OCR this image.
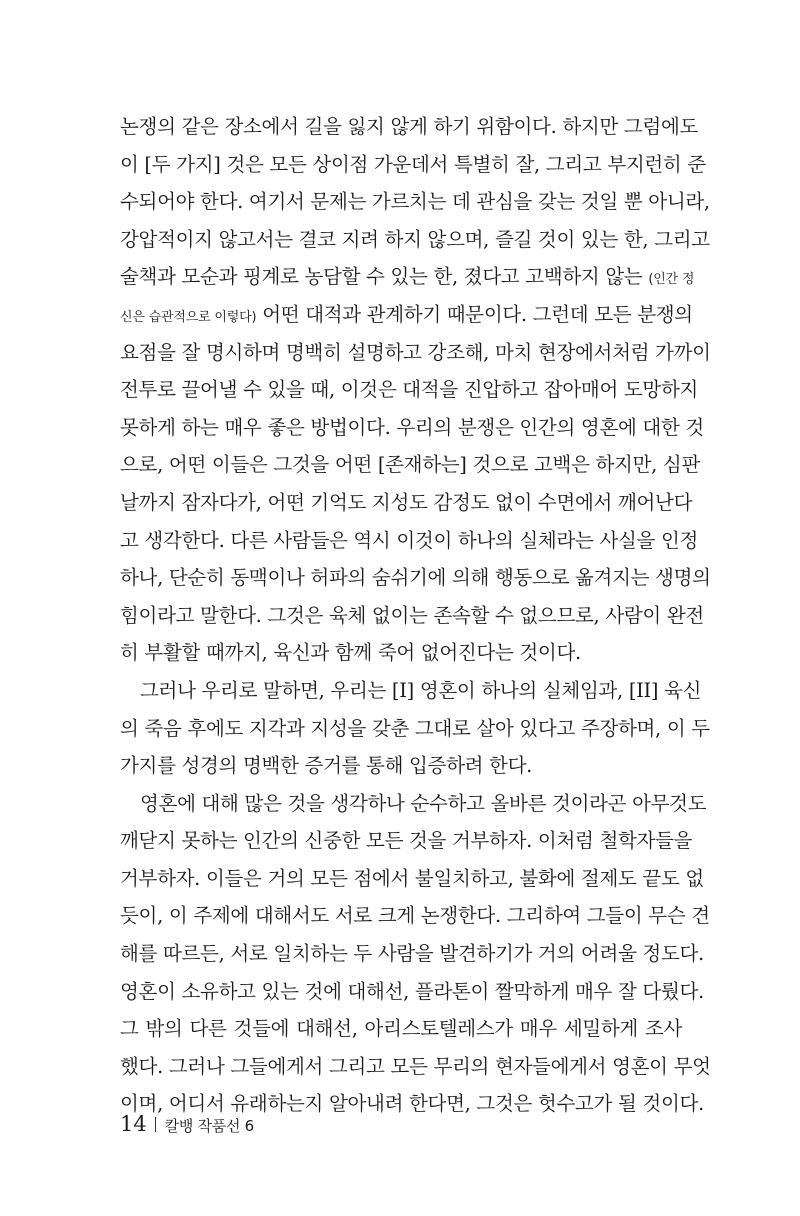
논쟁의 같은 장소에서 길을 잃지 않게 하기 위함이다. 하지만 그럼에도
이 [두 가지] 것은 모든 상이점 가운데서 특별히 잘, 그리고 부지런히 준
수되어야 한다. 여기서 문제는 가르치는 데 관심을 갖는 것일 뿐 아니라,
강압적이지 않고서는 결코 지려 하지 않으며, 즐길 것이 있는 한, 그리고
술책과 모순과 핑계로 농담할 수 있는 한, 졌다고 고백하지 않는 (인간 정
신은 습관적으로 이렇다) 어떤 대적과 관계하기 때문이다. 그런데 모든 분쟁의
요점을 잘 명시하며 명백히 설명하고 강조해, 마치 현장에서처럼 가까이
전투로 끌어낼 수 있을 때, 이것은 대적을 진압하고 잡아매어 도망하지
못하게 하는 매우 좋은 방법이다. 우리의 분쟁은 인간의 영혼에 대한 것
으로, 어떤 이들은 그것을 어떤 [존재하는] 것으로 고백은 하지만, 심판
날까지 잠자다가, 어떤 기억도 지성도 감정도 없이 수면에서 깨어난다
고 생각한다. 다른 사람들은 역시 이것이 하나의 실체라는 사실을 인정
하나, 단순히 동맥이나 허파의 숨쉬기에 의해 행동으로 옮겨지는 생명의
힘이라고 말한다. 그것은 육체 없이는 존속할 수 없으므로, 사람이 완전
히 부활할 때까지, 육신과 함께 죽어 없어진다는 것이다.
그러나 우리로 말하면, 우리는 [I] 영혼이 하나의 실체임과, [II] 육신
의 죽음 후에도 지각과 지성을 갖춘 그대로 살아 있다고 주장하며, 이 두
가지를 성경의 명백한 증거를 통해 입증하려 한다.
영혼에 대해 많은 것을 생각하나 순수하고 올바른 것이라곤 아무것도
깨닫지 못하는 인간의 신중한 모든 것을 거부하자. 이처럼 철학자들을
거부하자. 이들은 거의 모든 점에서 불일치하고, 불화에 절제도 끝도 없
듯이, 이 주제에 대해서도 서로 크게 논쟁한다. 그리하여 그들이 무슨 견
해를 따르든, 서로 일치하는 두 사람을 발견하기가 거의 어려울 정도다.
영혼이 소유하고 있는 것에 대해선, 플라톤이 짤막하게 매우 잘 다뤘다.
그 밖의 다른 것들에 대해선, 아리스토텔레스가 매우 세밀하게 조사
했다. 그러나 그들에게서 그리고 모든 무리의 현자들에게서 영혼이 무엇
이며, 어디서 유래하는지 알아내려 한다면, 그것은 헛수고가 될 것이다.
14 칼뱅 작품선 6
